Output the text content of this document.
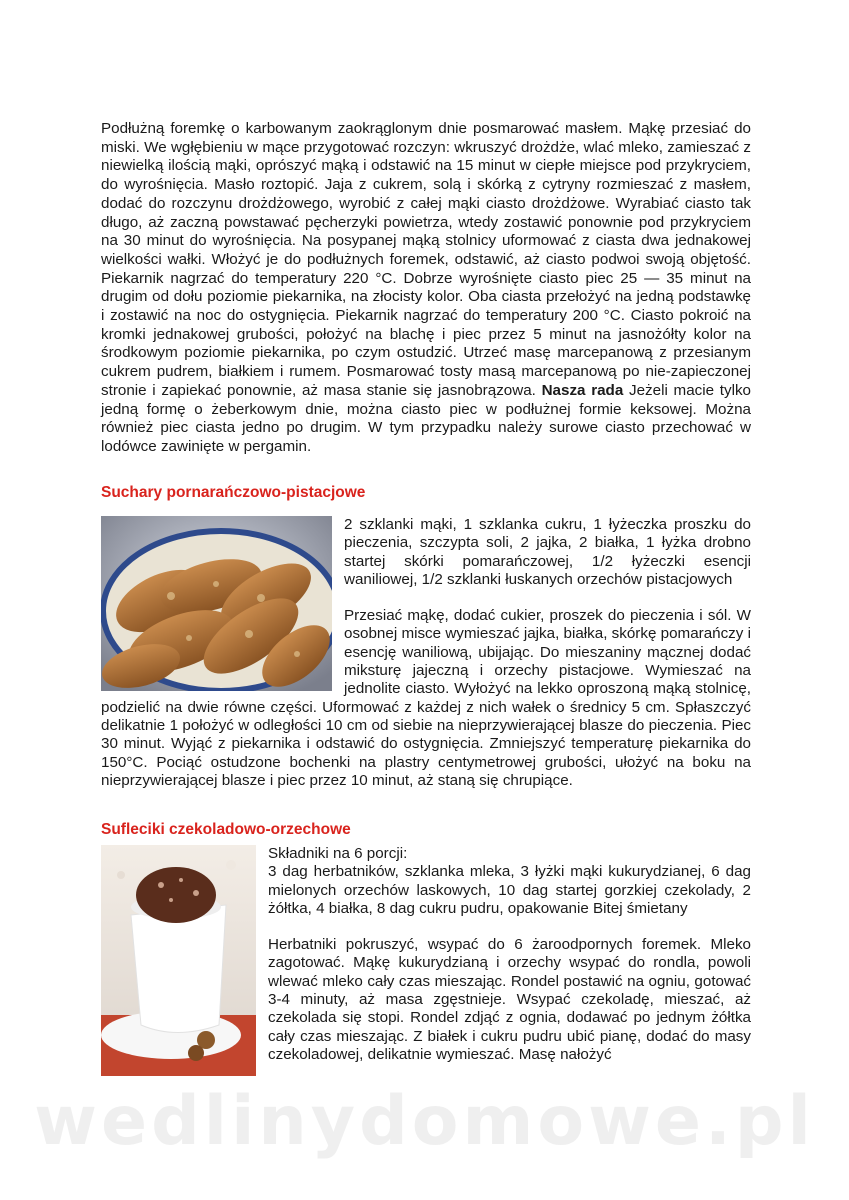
Podłużną foremkę o karbowanym zaokrąglonym dnie posmarować masłem. Mąkę przesiać do miski. We wgłębieniu w mące przygotować rozczyn: wkruszyć drożdże, wlać mleko, zamieszać z niewielką ilością mąki, oprószyć mąką i odstawić na 15 minut w ciepłe miejsce pod przykryciem, do wyrośnięcia. Masło roztopić. Jaja z cukrem, solą i skórką z cytryny rozmieszać z masłem, dodać do rozczynu drożdżowego, wyrobić z całej mąki ciasto drożdżowe. Wyrabiać ciasto tak długo, aż zaczną powstawać pęcherzyki powietrza, wtedy zostawić ponownie pod przykryciem na 30 minut do wyrośnięcia. Na posypanej mąką stolnicy uformować z ciasta dwa jednakowej wielkości wałki. Włożyć je do podłużnych foremek, odstawić, aż ciasto podwoi swoją objętość. Piekarnik nagrzać do temperatury 220 °C. Dobrze wyrośnięte ciasto piec 25 — 35 minut na drugim od dołu poziomie piekarnika, na złocisty kolor. Oba ciasta przełożyć na jedną podstawkę i zostawić na noc do ostygnięcia. Piekarnik nagrzać do temperatury 200 °C. Ciasto pokroić na kromki jednakowej grubości, położyć na blachę i piec przez 5 minut na jasnożółty kolor na środkowym poziomie piekarnika, po czym ostudzić. Utrzeć masę marcepanową z przesianym cukrem pudrem, białkiem i rumem. Posmarować tosty masą marcepanową po nie-zapieczonej stronie i zapiekać ponownie, aż masa stanie się jasnobrązowa. Nasza rada Jeżeli macie tylko jedną formę o żeberkowym dnie, można ciasto piec w podłużnej formie keksowej. Można również piec ciasta jedno po drugim. W tym przypadku należy surowe ciasto przechować w lodówce zawinięte w pergamin.

Suchary pornarańczowo-pistacjowe

2 szklanki mąki, 1 szklanka cukru, 1 łyżeczka proszku do pieczenia, szczypta soli, 2 jajka, 2 białka, 1 łyżka drobno startej skórki pomarańczowej, 1/2 łyżeczki esencji waniliowej, 1/2 szklanki łuskanych orzechów pistacjowych

Przesiać mąkę, dodać cukier, proszek do pieczenia i sól. W osobnej misce wymieszać jajka, białka, skórkę pomarańczy i esencję waniliową, ubijając. Do mieszaniny mącznej dodać miksturę jajeczną i orzechy pistacjowe. Wymieszać na jednolite ciasto. Wyłożyć na lekko oproszoną mąką stolnicę, podzielić na dwie równe części. Uformować z każdej z nich wałek o średnicy 5 cm. Spłaszczyć delikatnie 1 położyć w odległości 10 cm od siebie na nieprzywierającej blasze do pieczenia. Piec 30 minut. Wyjąć z piekarnika i odstawić do ostygnięcia. Zmniejszyć temperaturę piekarnika do 150°C. Pociąć ostudzone bochenki na plastry centymetrowej grubości, ułożyć na boku na nieprzywierającej blasze i piec przez 10 minut, aż staną się chrupiące.

Sufleciki czekoladowo-orzechowe

Składniki na 6 porcji:

3 dag herbatników, szklanka mleka, 3 łyżki mąki kukurydzianej, 6 dag mielonych orzechów laskowych, 10 dag startej gorzkiej czekolady, 2 żółtka, 4 białka, 8 dag cukru pudru, opakowanie Bitej śmietany

Herbatniki pokruszyć, wsypać do 6 żaroodpornych foremek. Mleko zagotować. Mąkę kukurydzianą i orzechy wsypać do rondla, powoli wlewać mleko cały czas mieszając. Rondel postawić na ogniu, gotować 3-4 minuty, aż masa zgęstnieje. Wsypać czekoladę, mieszać, aż czekolada się stopi. Rondel zdjąć z ognia, dodawać po jednym żółtka cały czas mieszając. Z białek i cukru pudru ubić pianę, dodać do masy czekoladowej, delikatnie wymieszać. Masę nałożyć

wedlinydomowe.pl
